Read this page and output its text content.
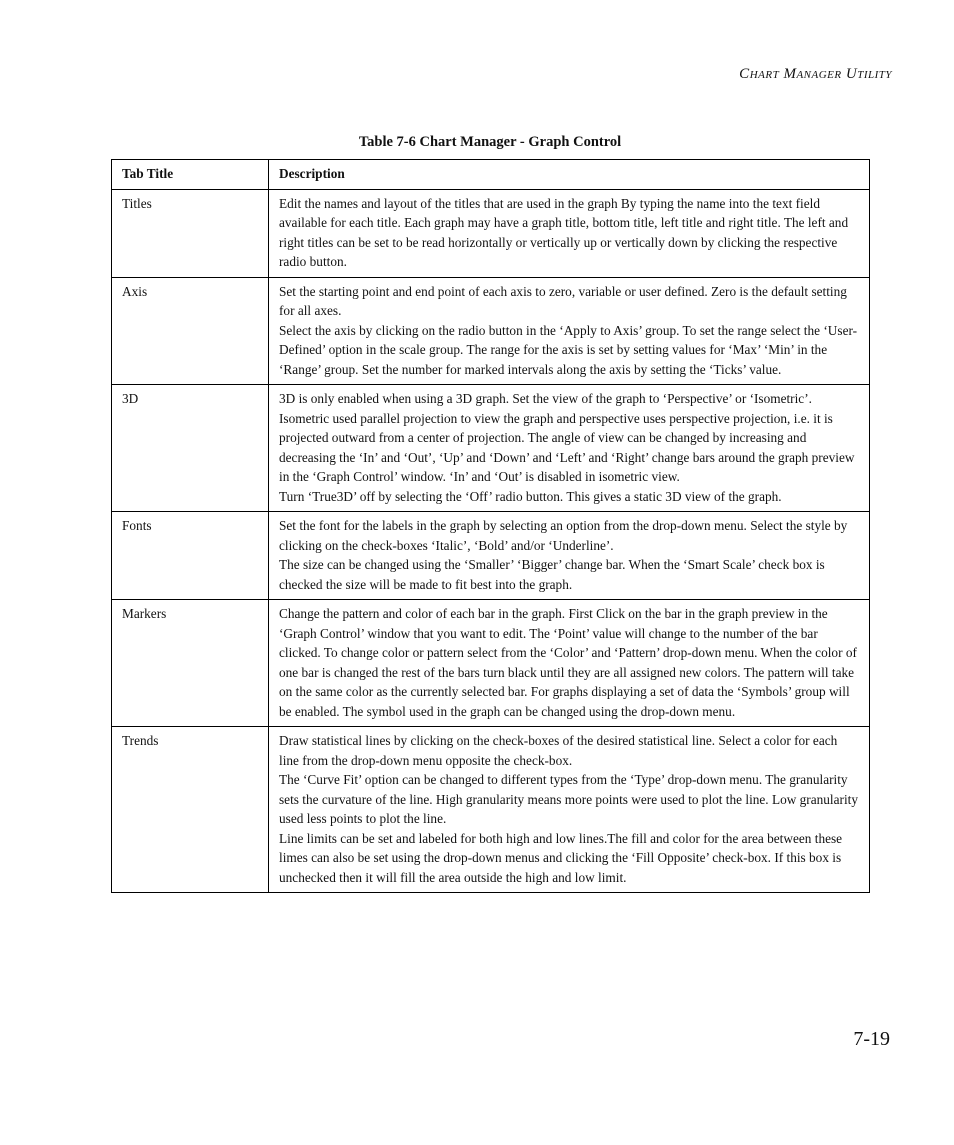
CHART MANAGER UTILITY
Table 7-6 Chart Manager - Graph Control
Tab Title	Description
Titles	Edit the names and layout of the titles that are used in the graph By typing the name into the text field available for each title. Each graph may have a graph title, bottom title, left title and right title. The left and right titles can be set to be read horizontally or vertically up or vertically down by clicking the respective radio button.

Axis	Set the starting point and end point of each axis to zero, variable or user defined. Zero is the default setting for all axes.

Select the axis by clicking on the radio button in the ‘Apply to Axis’ group. To set the range select the ‘User-Defined’ option in the scale group. The range for the axis is set by setting values for ‘Max’ ‘Min’ in the ‘Range’ group. Set the number for marked intervals along the axis by setting the ‘Ticks’ value.

3D	3D is only enabled when using a 3D graph. Set the view of the graph to ‘Perspective’ or ‘Isometric’. Isometric used parallel projection to view the graph and perspective uses perspective projection, i.e. it is projected outward from a center of projection. The angle of view can be changed by increasing and decreasing the ‘In’ and ‘Out’, ‘Up’ and ‘Down’ and ‘Left’ and ‘Right’ change bars around the graph preview in the ‘Graph Control’ window. ‘In’ and ‘Out’ is disabled in isometric view.

Turn ‘True3D’ off by selecting the ‘Off’ radio button. This gives a static 3D view of the graph.

Fonts	Set the font for the labels in the graph by selecting an option from the drop-down menu. Select the style by clicking on the check-boxes ‘Italic’, ‘Bold’ and/or ‘Underline’.

The size can be changed using the ‘Smaller’ ‘Bigger’ change bar. When the ‘Smart Scale’ check box is checked the size will be made to fit best into the graph.

Markers	Change the pattern and color of each bar in the graph. First Click on the bar in the graph preview in the ‘Graph Control’ window that you want to edit. The ‘Point’ value will change to the number of the bar clicked. To change color or pattern select from the ‘Color’ and ‘Pattern’ drop-down menu. When the color of one bar is changed the rest of the bars turn black until they are all assigned new colors. The pattern will take on the same color as the currently selected bar. For graphs displaying a set of data the ‘Symbols’ group will be enabled. The symbol used in the graph can be changed using the drop-down menu.

Trends	Draw statistical lines by clicking on the check-boxes of the desired statistical line. Select a color for each line from the drop-down menu opposite the check-box.

The ‘Curve Fit’ option can be changed to different types from the ‘Type’ drop-down menu. The granularity sets the curvature of the line. High granularity means more points were used to plot the line. Low granularity used less points to plot the line.

Line limits can be set and labeled for both high and low lines.The fill and color for the area between these limes can also be set using the drop-down menus and clicking the ‘Fill Opposite’ check-box. If this box is unchecked then it will fill the area outside the high and low limit.

7-19
